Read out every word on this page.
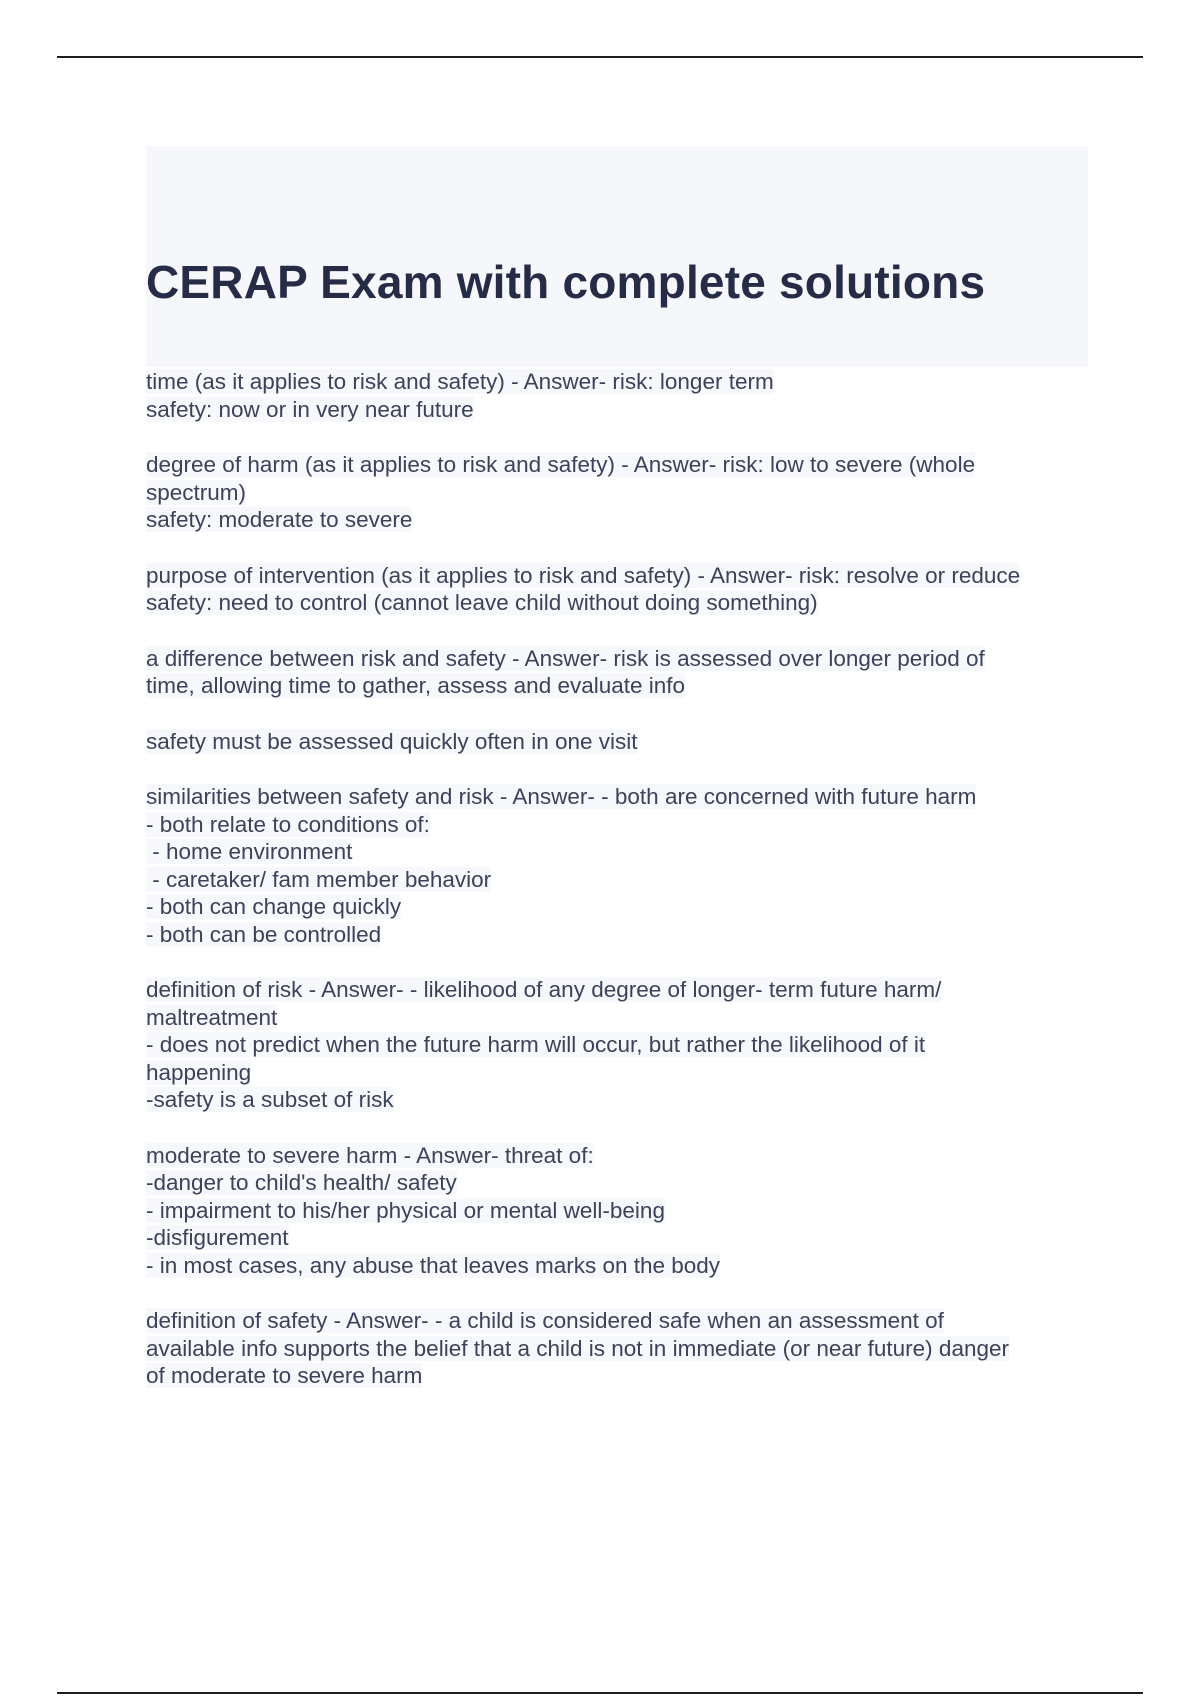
CERAP Exam with complete solutions
time (as it applies to risk and safety) - Answer- risk: longer term
safety: now or in very near future
degree of harm (as it applies to risk and safety) - Answer- risk: low to severe (whole
spectrum)
safety: moderate to severe
purpose of intervention (as it applies to risk and safety) - Answer- risk: resolve or reduce
safety: need to control (cannot leave child without doing something)
a difference between risk and safety - Answer- risk is assessed over longer period of
time, allowing time to gather, assess and evaluate info
safety must be assessed quickly often in one visit
similarities between safety and risk - Answer- - both are concerned with future harm
- both relate to conditions of:
- home environment
- caretaker/ fam member behavior
- both can change quickly
- both can be controlled
definition of risk - Answer- - likelihood of any degree of longer- term future harm/
maltreatment
- does not predict when the future harm will occur, but rather the likelihood of it
happening
-safety is a subset of risk
moderate to severe harm - Answer- threat of:
-danger to child's health/ safety
- impairment to his/her physical or mental well-being
-disfigurement
- in most cases, any abuse that leaves marks on the body
definition of safety - Answer- - a child is considered safe when an assessment of
available info supports the belief that a child is not in immediate (or near future) danger
of moderate to severe harm
